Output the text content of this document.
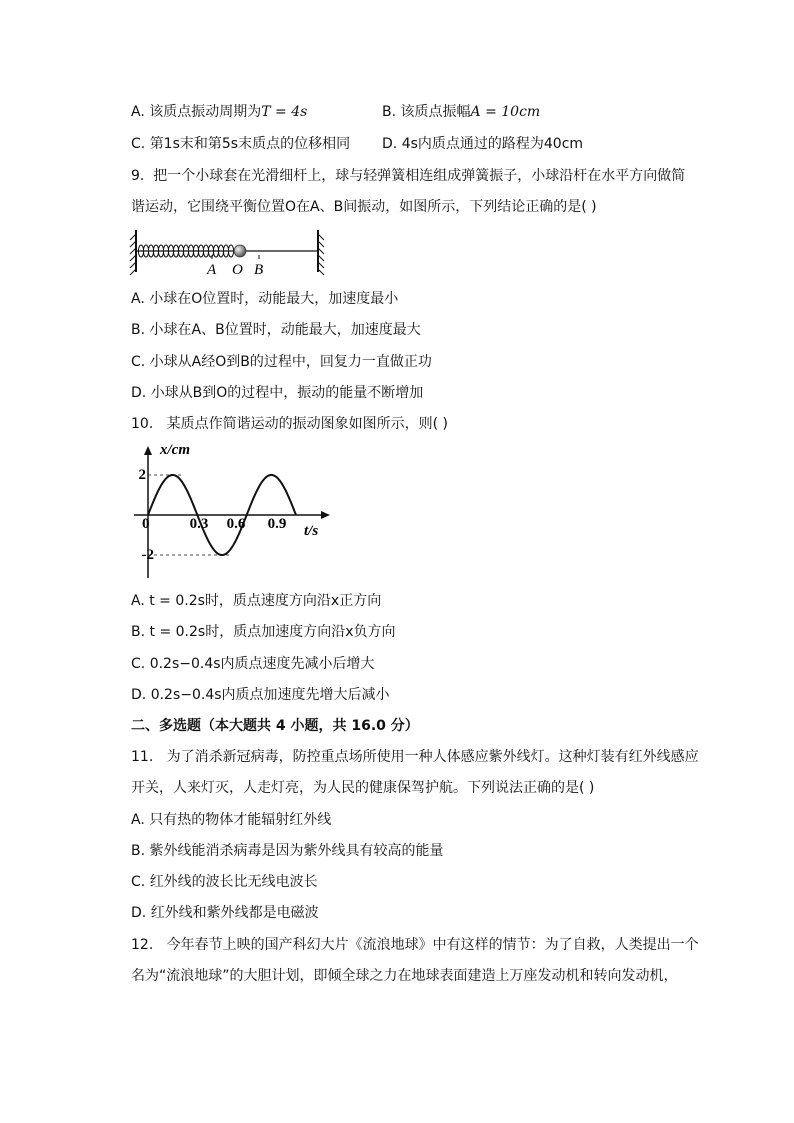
A. 该质点振动周期为T = 4s	B. 该质点振幅A = 10cm
C. 第1s末和第5s末质点的位移相同 D. 4s内质点通过的路程为40cm
9. 把一个小球套在光滑细杆上，球与轻弹簧相连组成弹簧振子，小球沿杆在水平方向做简
谐运动，它围绕平衡位置O在A、B间振动，如图所示，下列结论正确的是( )
A O B
A. 小球在O位置时，动能最大，加速度最小
B. 小球在A、B位置时，动能最大，加速度最大
C. 小球从A经O到B的过程中，回复力一直做正功
D. 小球从B到O的过程中，振动的能量不断增加
10. 某质点作简谐运动的振动图象如图所示，则( )
x/cm
t/s
0
2
-2
0.3 0.6 0.9
A. t = 0.2s时，质点速度方向沿x正方向
B. t = 0.2s时，质点加速度方向沿x负方向
C. 0.2s−0.4s内质点速度先减小后增大
D. 0.2s−0.4s内质点加速度先增大后减小
二、多选题（本大题共 4 小题，共 16.0 分）
11. 为了消杀新冠病毒，防控重点场所使用一种人体感应紫外线灯。这种灯装有红外线感应
开关，人来灯灭，人走灯亮，为人民的健康保驾护航。下列说法正确的是( )
A. 只有热的物体才能辐射红外线
B. 紫外线能消杀病毒是因为紫外线具有较高的能量
C. 红外线的波长比无线电波长
D. 红外线和紫外线都是电磁波
12. 今年春节上映的国产科幻大片《流浪地球》中有这样的情节：为了自救，人类提出一个
名为“流浪地球”的大胆计划，即倾全球之力在地球表面建造上万座发动机和转向发动机，
